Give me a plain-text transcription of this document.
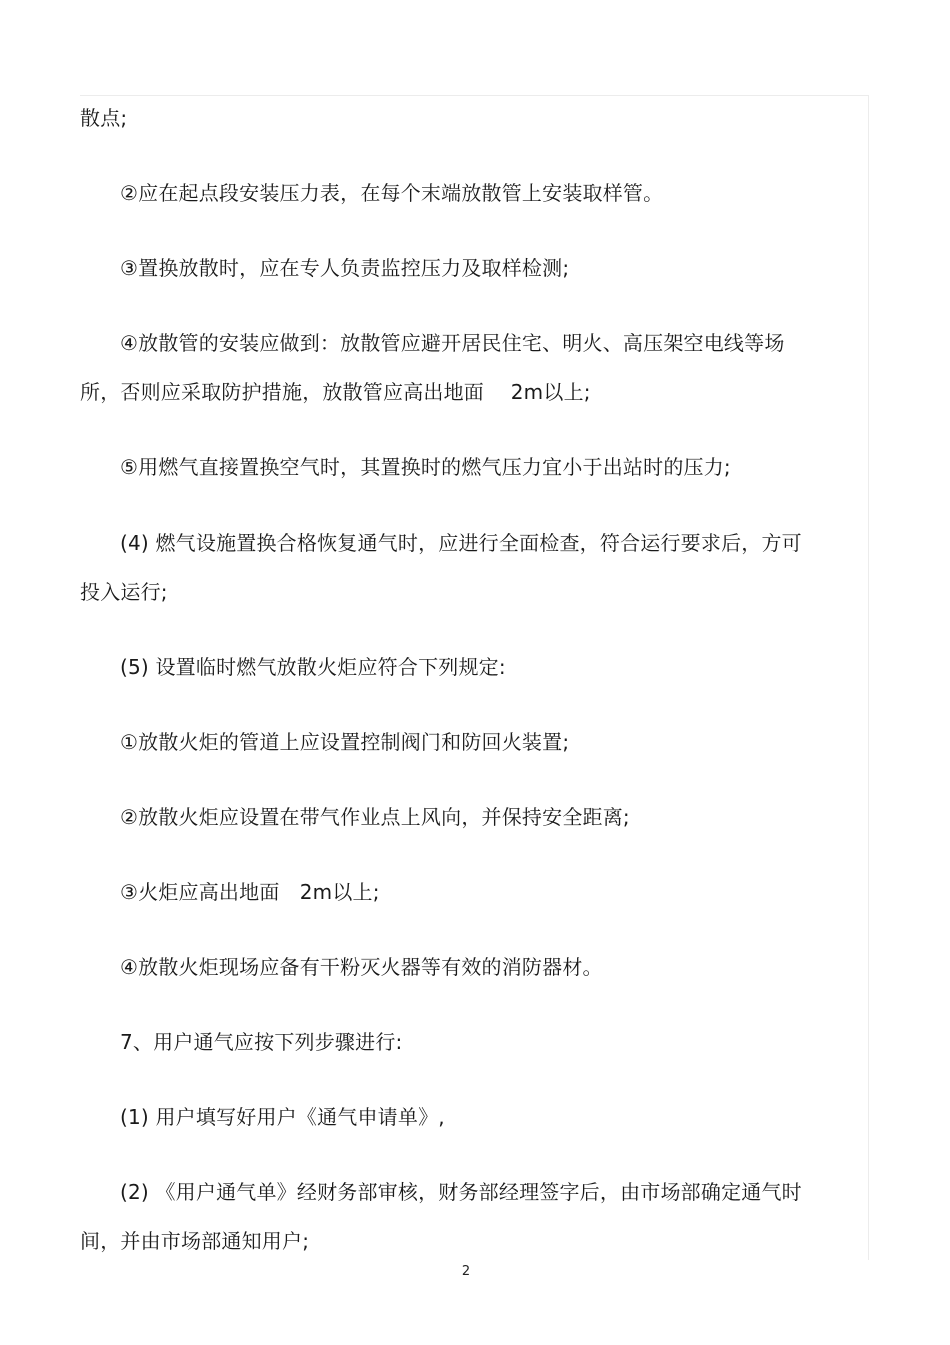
散点;
②应在起点段安装压力表，在每个末端放散管上安装取样管。
③置换放散时，应在专人负责监控压力及取样检测;
④放散管的安装应做到：放散管应避开居民住宅、明火、高压架空电线等场
所，否则应采取防护措施，放散管应高出地面　 2m以上;
⑤用燃气直接置换空气时，其置换时的燃气压力宜小于出站时的压力;
(4) 燃气设施置换合格恢复通气时，应进行全面检查，符合运行要求后，方可
投入运行;
(5) 设置临时燃气放散火炬应符合下列规定:
①放散火炬的管道上应设置控制阀门和防回火装置;
②放散火炬应设置在带气作业点上风向，并保持安全距离;
③火炬应高出地面　2m以上;
④放散火炬现场应备有干粉灭火器等有效的消防器材。
7、用户通气应按下列步骤进行:
(1) 用户填写好用户《通气申请单》,
(2) 《用户通气单》经财务部审核，财务部经理签字后，由市场部确定通气时
间，并由市场部通知用户;
2
